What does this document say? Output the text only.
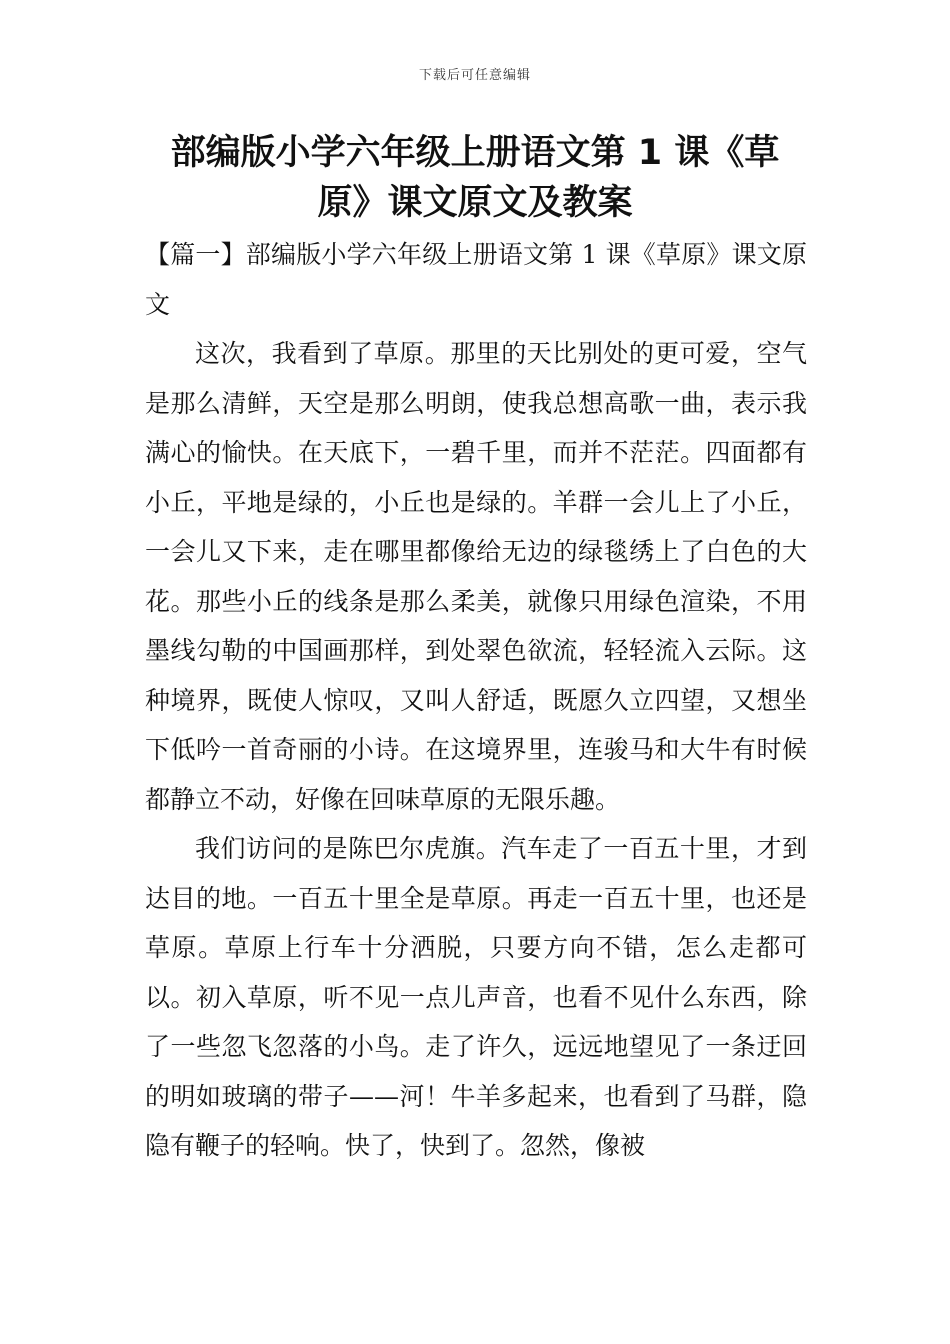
下载后可任意编辑
部编版小学六年级上册语文第 1 课《草
原》课文原文及教案

【篇一】部编版小学六年级上册语文第 1 课《草原》课文原文

这次，我看到了草原。那里的天比别处的更可爱，空气是那么清鲜，天空是那么明朗，使我总想高歌一曲，表示我满心的愉快。在天底下，一碧千里，而并不茫茫。四面都有小丘，平地是绿的，小丘也是绿的。羊群一会儿上了小丘，一会儿又下来，走在哪里都像给无边的绿毯绣上了白色的大花。那些小丘的线条是那么柔美，就像只用绿色渲染，不用墨线勾勒的中国画那样，到处翠色欲流，轻轻流入云际。这种境界，既使人惊叹，又叫人舒适，既愿久立四望，又想坐下低吟一首奇丽的小诗。在这境界里，连骏马和大牛有时候都静立不动，好像在回味草原的无限乐趣。

我们访问的是陈巴尔虎旗。汽车走了一百五十里，才到达目的地。一百五十里全是草原。再走一百五十里，也还是草原。草原上行车十分洒脱，只要方向不错，怎么走都可以。初入草原，听不见一点儿声音，也看不见什么东西，除了一些忽飞忽落的小鸟。走了许久，远远地望见了一条迂回的明如玻璃的带子——河！牛羊多起来，也看到了马群，隐隐有鞭子的轻响。快了，快到了。忽然，像被
